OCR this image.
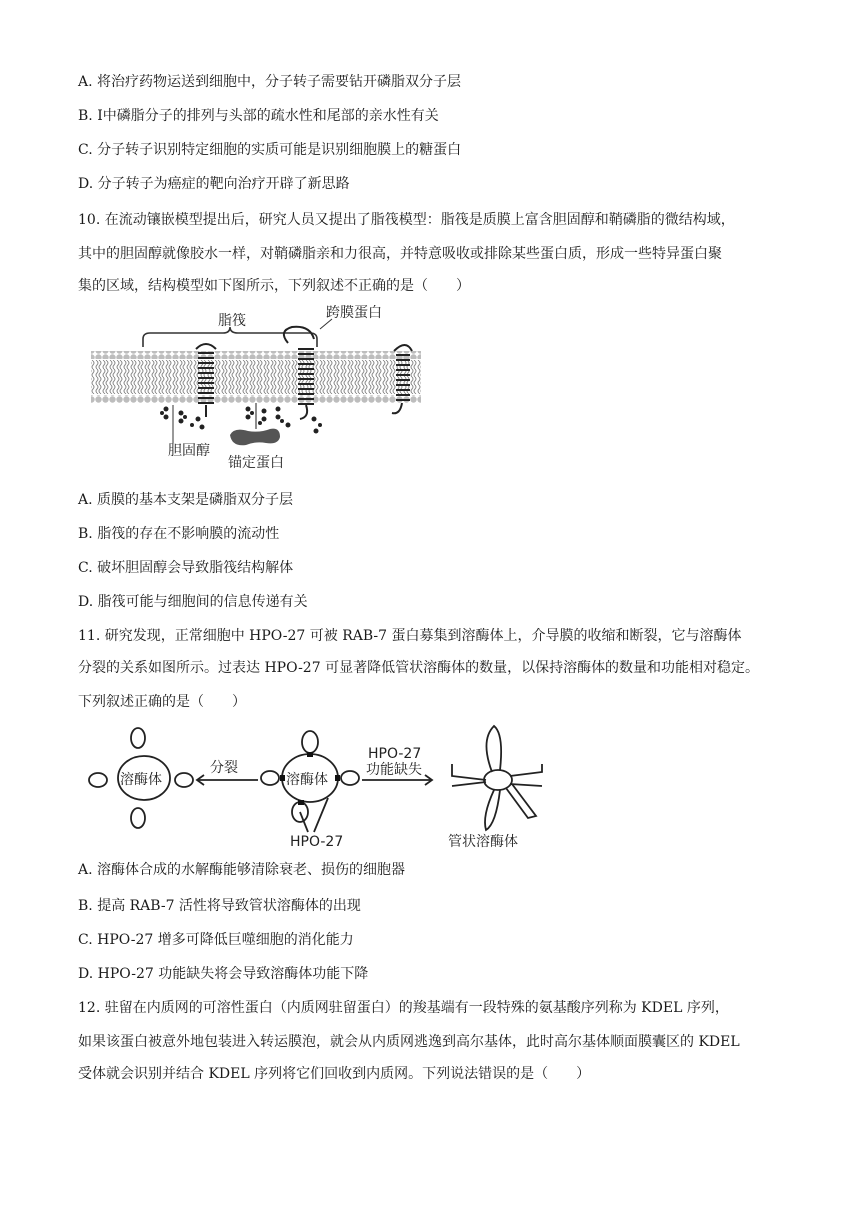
A. 将治疗药物运送到细胞中，分子转子需要钻开磷脂双分子层
B. Ⅰ中磷脂分子的排列与头部的疏水性和尾部的亲水性有关
C. 分子转子识别特定细胞的实质可能是识别细胞膜上的糖蛋白
D. 分子转子为癌症的靶向治疗开辟了新思路
10. 在流动镶嵌模型提出后，研究人员又提出了脂筏模型：脂筏是质膜上富含胆固醇和鞘磷脂的微结构域，
其中的胆固醇就像胶水一样，对鞘磷脂亲和力很高，并特意吸收或排除某些蛋白质，形成一些特异蛋白聚
集的区域，结构模型如下图所示，下列叙述不正确的是（　　）
脂筏	跨膜蛋白
胆固醇
锚定蛋白
A. 质膜的基本支架是磷脂双分子层
B. 脂筏的存在不影响膜的流动性
C. 破坏胆固醇会导致脂筏结构解体
D. 脂筏可能与细胞间的信息传递有关
11. 研究发现，正常细胞中 HPO-27 可被 RAB-7 蛋白募集到溶酶体上，介导膜的收缩和断裂，它与溶酶体
分裂的关系如图所示。过表达 HPO-27 可显著降低管状溶酶体的数量，以保持溶酶体的数量和功能相对稳定。
下列叙述正确的是（　　）
溶酶体
分裂
溶酶体
HPO-27
功能缺失
HPO-27	管状溶酶体
A. 溶酶体合成的水解酶能够清除衰老、损伤的细胞器
B. 提高 RAB-7 活性将导致管状溶酶体的出现
C. HPO-27 增多可降低巨噬细胞的消化能力
D. HPO-27 功能缺失将会导致溶酶体功能下降
12. 驻留在内质网的可溶性蛋白（内质网驻留蛋白）的羧基端有一段特殊的氨基酸序列称为 KDEL 序列，
如果该蛋白被意外地包装进入转运膜泡，就会从内质网逃逸到高尔基体，此时高尔基体顺面膜囊区的 KDEL
受体就会识别并结合 KDEL 序列将它们回收到内质网。下列说法错误的是（　　）
